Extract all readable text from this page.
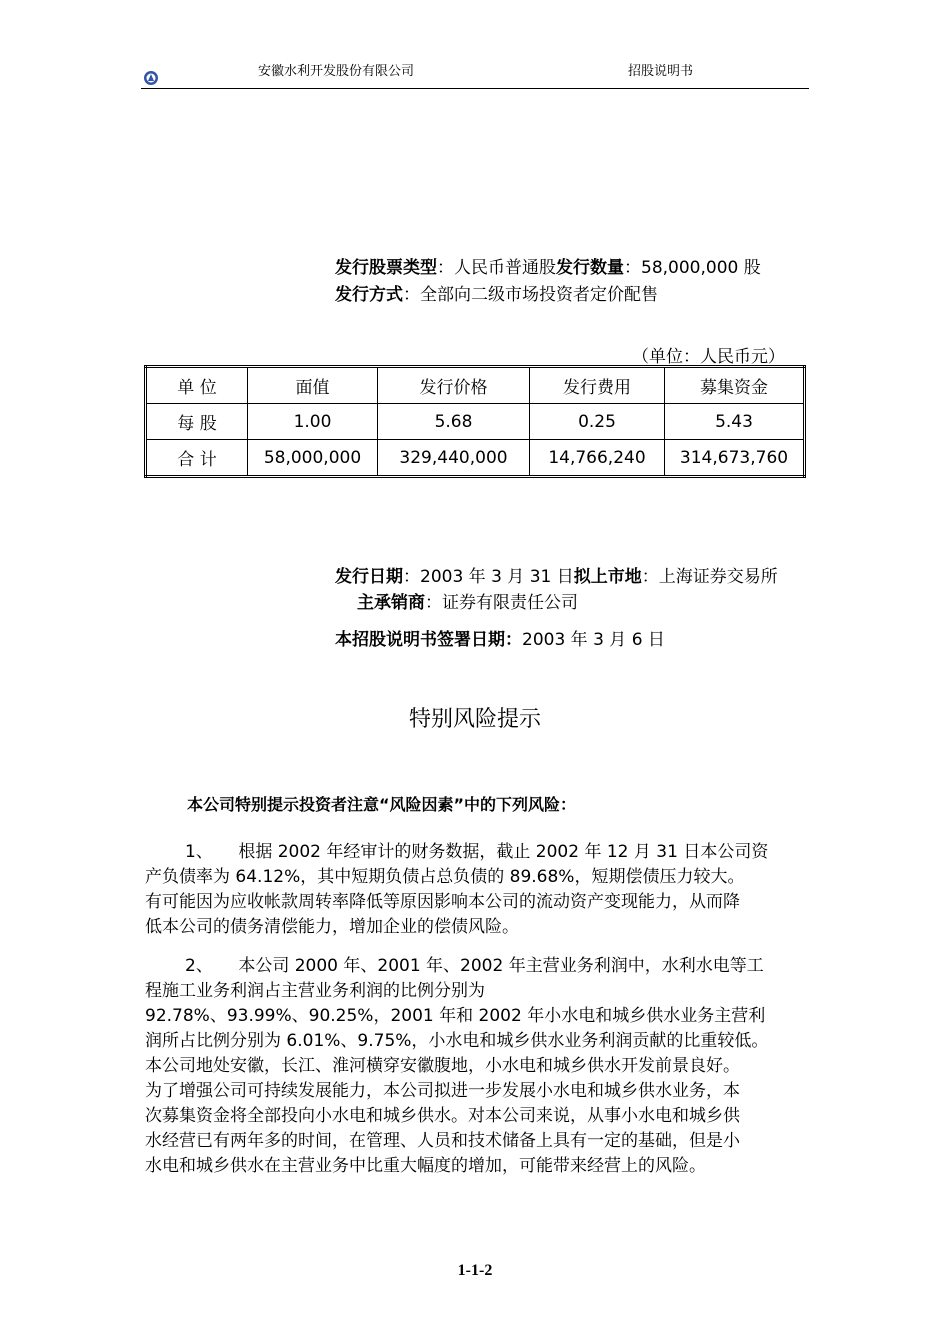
安徽水利开发股份有限公司	招股说明书
发行股票类型：人民币普通股发行数量：58,000,000 股
发行方式：全部向二级市场投资者定价配售
（单位：人民币元）
单 位	面值	发行价格	发行费用	募集资金
每 股	1.00	5.68	0.25	5.43
合 计	58,000,000	329,440,000	14,766,240	314,673,760
发行日期：2003 年 3 月 31 日拟上市地：上海证券交易所
主承销商：证券有限责任公司
本招股说明书签署日期：2003 年 3 月 6 日
特别风险提示
本公司特别提示投资者注意“风险因素”中的下列风险：
1、　　根据 2002 年经审计的财务数据，截止 2002 年 12 月 31 日本公司资
产负债率为 64.12%，其中短期负债占总负债的 89.68%，短期偿债压力较大。
有可能因为应收帐款周转率降低等原因影响本公司的流动资产变现能力，从而降
低本公司的债务清偿能力，增加企业的偿债风险。
2、　　本公司 2000 年、2001 年、2002 年主营业务利润中，水利水电等工
程施工业务利润占主营业务利润的比例分别为
92.78%、93.99%、90.25%，2001 年和 2002 年小水电和城乡供水业务主营利
润所占比例分别为 6.01%、9.75%，小水电和城乡供水业务利润贡献的比重较低。
本公司地处安徽，长江、淮河横穿安徽腹地，小水电和城乡供水开发前景良好。
为了增强公司可持续发展能力，本公司拟进一步发展小水电和城乡供水业务，本
次募集资金将全部投向小水电和城乡供水。对本公司来说，从事小水电和城乡供
水经营已有两年多的时间，在管理、人员和技术储备上具有一定的基础，但是小
水电和城乡供水在主营业务中比重大幅度的增加，可能带来经营上的风险。
1-1-2
